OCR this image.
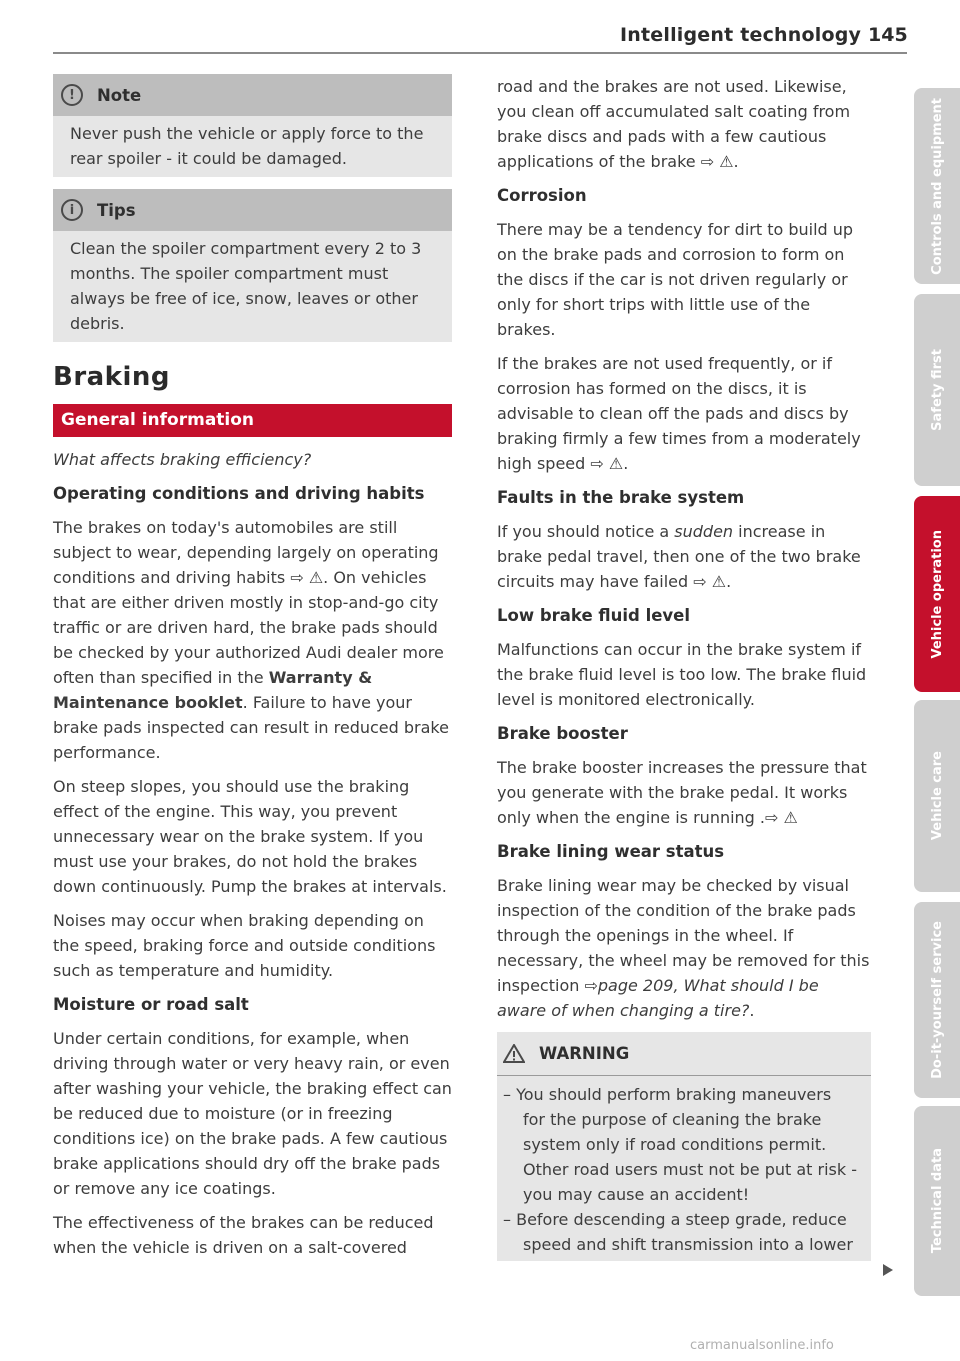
Intelligent technology 145
!	Note
Never push the vehicle or apply force to the rear spoiler - it could be damaged.
i	Tips
Clean the spoiler compartment every 2 to 3 months. The spoiler compartment must always be free of ice, snow, leaves or other debris.
Braking
General information

What affects braking efficiency?

Operating conditions and driving habits

The brakes on today's automobiles are still subject to wear, depending largely on operating conditions and driving habits ⇨ ⚠. On vehicles that are either driven mostly in stop-and-go city traffic or are driven hard, the brake pads should be checked by your authorized Audi dealer more often than specified in the Warranty & Maintenance booklet. Failure to have your brake pads inspected can result in reduced brake performance.

On steep slopes, you should use the braking effect of the engine. This way, you prevent unnecessary wear on the brake system. If you must use your brakes, do not hold the brakes down continuously. Pump the brakes at intervals.

Noises may occur when braking depending on the speed, braking force and outside conditions such as temperature and humidity.

Moisture or road salt

Under certain conditions, for example, when driving through water or very heavy rain, or even after washing your vehicle, the braking effect can be reduced due to moisture (or in freezing conditions ice) on the brake pads. A few cautious brake applications should dry off the brake pads or remove any ice coatings.

The effectiveness of the brakes can be reduced when the vehicle is driven on a salt-covered

road and the brakes are not used. Likewise, you clean off accumulated salt coating from brake discs and pads with a few cautious applications of the brake ⇨ ⚠.

Corrosion

There may be a tendency for dirt to build up on the brake pads and corrosion to form on the discs if the car is not driven regularly or only for short trips with little use of the brakes.

If the brakes are not used frequently, or if corrosion has formed on the discs, it is advisable to clean off the pads and discs by braking firmly a few times from a moderately high speed ⇨ ⚠.

Faults in the brake system

If you should notice a sudden increase in brake pedal travel, then one of the two brake circuits may have failed ⇨ ⚠.

Low brake fluid level

Malfunctions can occur in the brake system if the brake fluid level is too low. The brake fluid level is monitored electronically.

Brake booster

The brake booster increases the pressure that you generate with the brake pedal. It works only when the engine is running .⇨ ⚠

Brake lining wear status

Brake lining wear may be checked by visual inspection of the condition of the brake pads through the openings in the wheel. If necessary, the wheel may be removed for this inspection ⇨page 209, What should I be aware of when changing a tire?.

WARNING

– You should perform braking maneuvers for the purpose of cleaning the brake system only if road conditions permit. Other road users must not be put at risk - you may cause an accident!

– Before descending a steep grade, reduce speed and shift transmission into a lower

Controls and equipment
Safety first
Vehicle operation
Vehicle care
Do-it-yourself service
Technical data
carmanualsonline.info
